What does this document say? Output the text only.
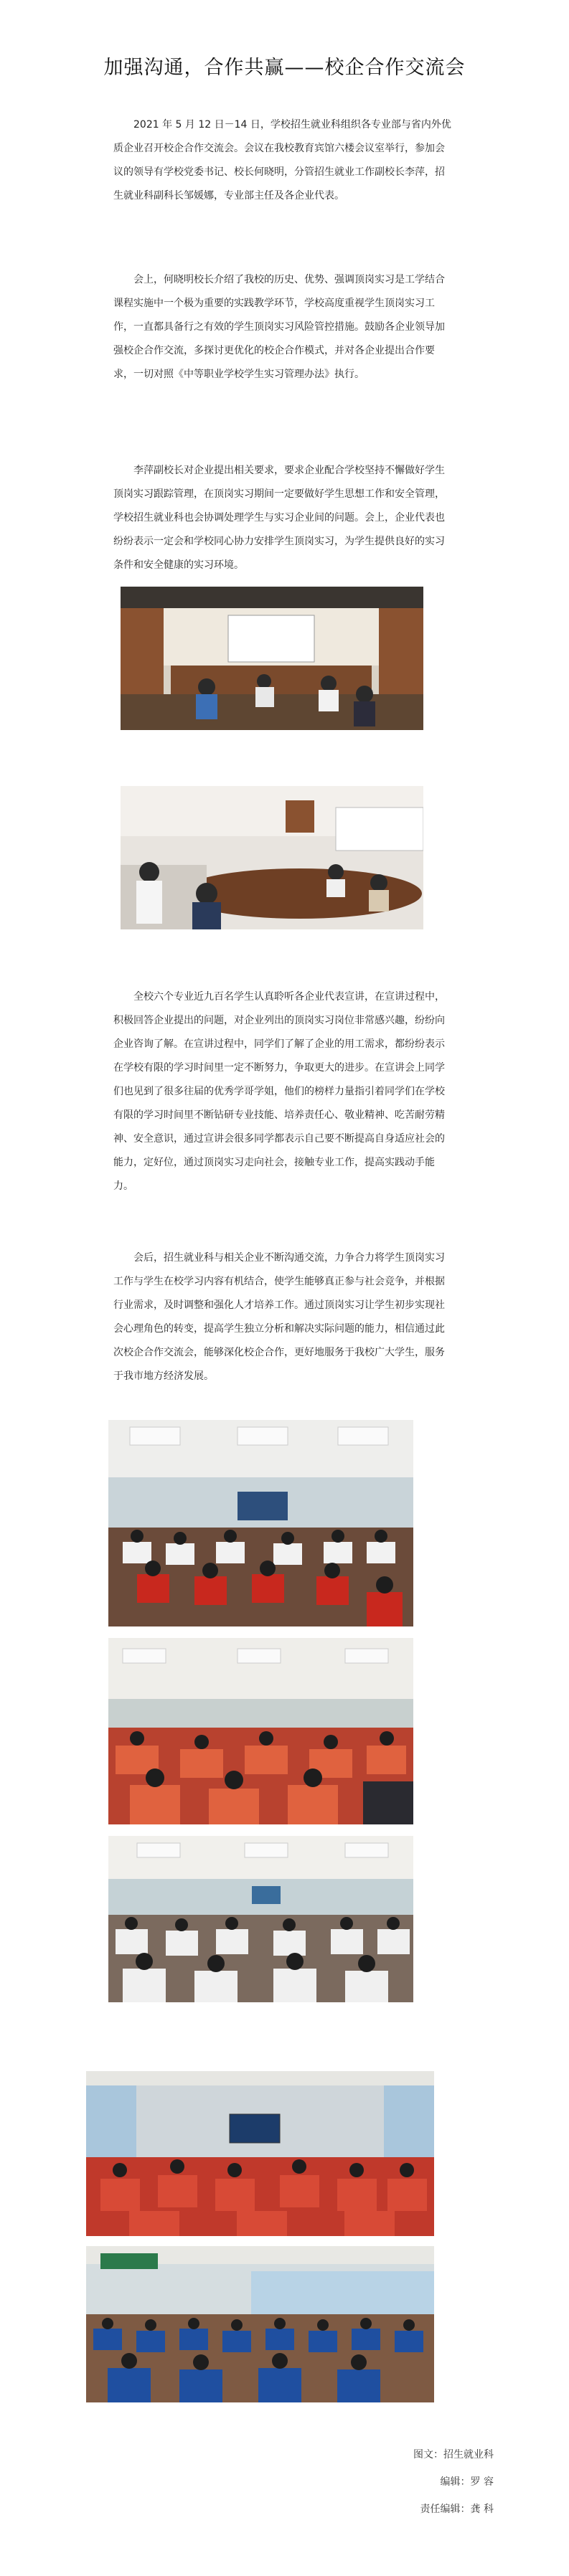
加强沟通，合作共赢——校企合作交流会

2021 年 5 月 12 日－14 日，学校招生就业科组织各专业部与省内外优质企业召开校企合作交流会。会议在我校教育宾馆六楼会议室举行，参加会议的领导有学校党委书记、校长何晓明，分管招生就业工作副校长李萍，招生就业科副科长邹媛娜，专业部主任及各企业代表。

会上，何晓明校长介绍了我校的历史、优势、强调顶岗实习是工学结合课程实施中一个极为重要的实践教学环节，学校高度重视学生顶岗实习工作，一直都具备行之有效的学生顶岗实习风险管控措施。鼓励各企业领导加强校企合作交流，多探讨更优化的校企合作模式，并对各企业提出合作要求，一切对照《中等职业学校学生实习管理办法》执行。

李萍副校长对企业提出相关要求，要求企业配合学校坚持不懈做好学生顶岗实习跟踪管理，在顶岗实习期间一定要做好学生思想工作和安全管理，学校招生就业科也会协调处理学生与实习企业间的问题。会上，企业代表也纷纷表示一定会和学校同心协力安排学生顶岗实习，为学生提供良好的实习条件和安全健康的实习环境。

全校六个专业近九百名学生认真聆听各企业代表宣讲，在宣讲过程中，积极回答企业提出的问题，对企业列出的顶岗实习岗位非常感兴趣，纷纷向企业咨询了解。在宣讲过程中，同学们了解了企业的用工需求，都纷纷表示在学校有限的学习时间里一定不断努力，争取更大的进步。在宣讲会上同学们也见到了很多往届的优秀学哥学姐，他们的榜样力量指引着同学们在学校有限的学习时间里不断钻研专业技能、培养责任心、敬业精神、吃苦耐劳精神、安全意识，通过宣讲会很多同学都表示自己要不断提高自身适应社会的能力，定好位，通过顶岗实习走向社会，接触专业工作，提高实践动手能力。

会后，招生就业科与相关企业不断沟通交流，力争合力将学生顶岗实习工作与学生在校学习内容有机结合，使学生能够真正参与社会竞争，并根据行业需求，及时调整和强化人才培养工作。通过顶岗实习让学生初步实现社会心理角色的转变，提高学生独立分析和解决实际问题的能力，相信通过此次校企合作交流会，能够深化校企合作，更好地服务于我校广大学生，服务于我市地方经济发展。

图文：招生就业科
编辑：罗 容
责任编辑：龚 科
